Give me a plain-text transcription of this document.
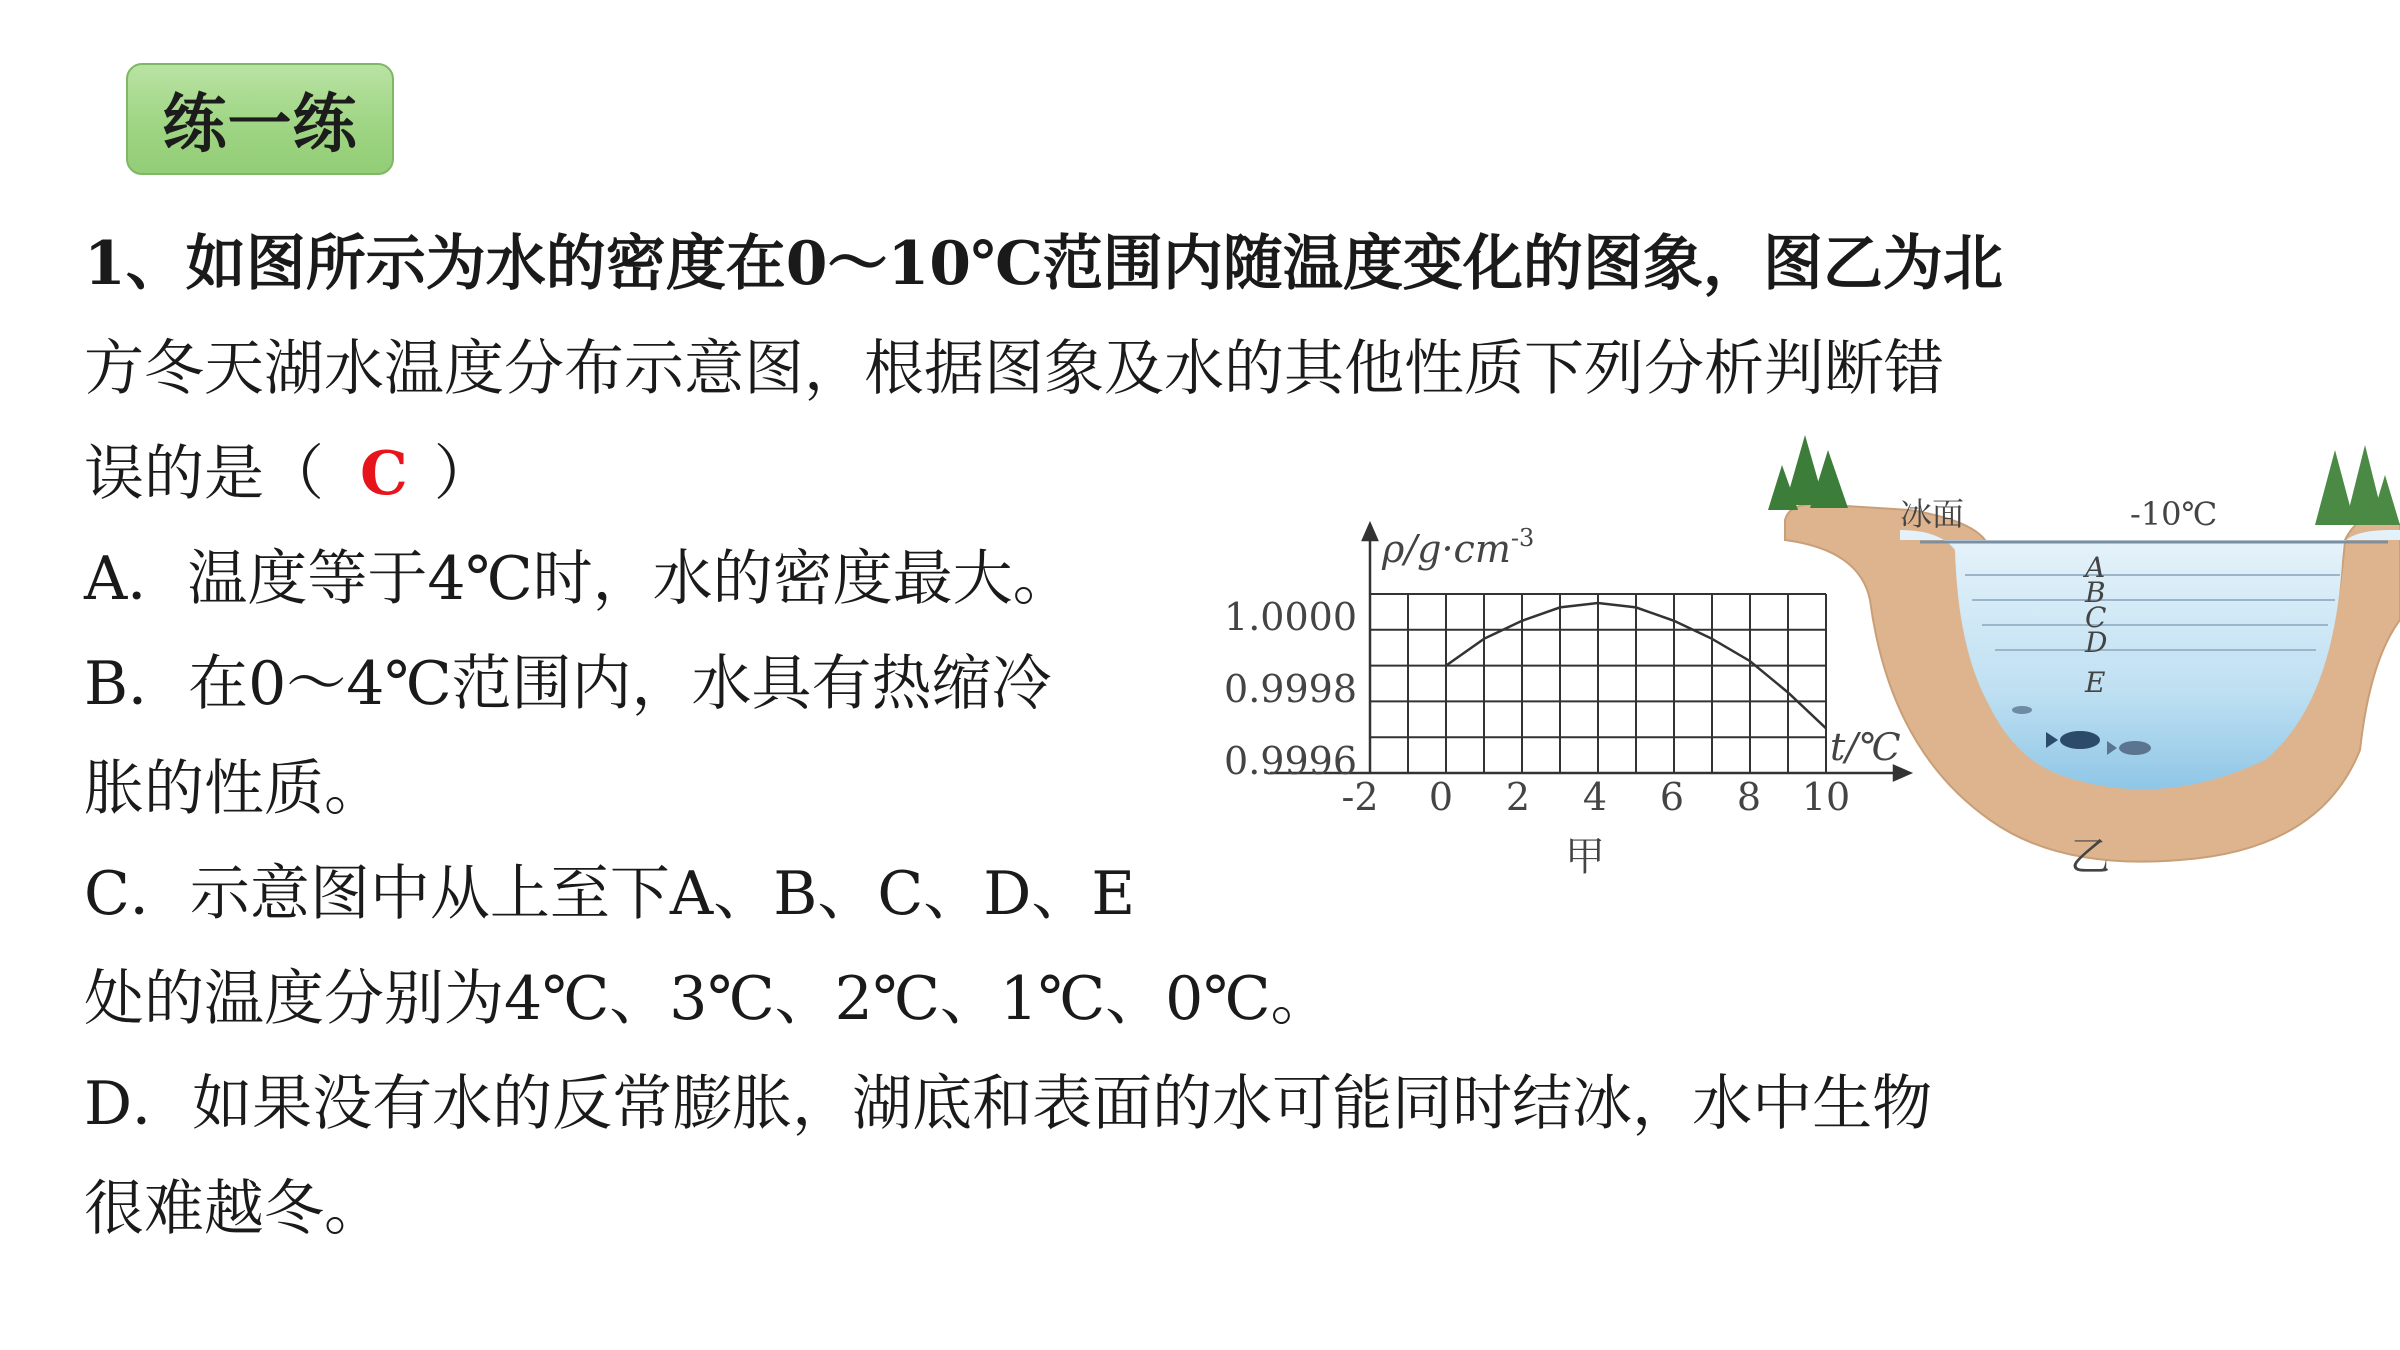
练一练

1、如图所示为水的密度在0～10℃范围内随温度变化的图象，图乙为北

方冬天湖水温度分布示意图，根据图象及水的其他性质下列分析判断错

误的是（ C ）

A．温度等于4℃时，水的密度最大。

B．在0～4℃范围内，水具有热缩冷

胀的性质。

C．示意图中从上至下A、B、C、D、E

处的温度分别为4℃、3℃、2℃、1℃、0℃。

D．如果没有水的反常膨胀，湖底和表面的水可能同时结冰，水中生物

很难越冬。

$\rho/g\cdot cm^{-3}$
t/℃
1.0000
0.9998
0.9996
-2 0 2 4 6 8 10
甲
冰面	-10℃
A
B
C
D
E
乙
